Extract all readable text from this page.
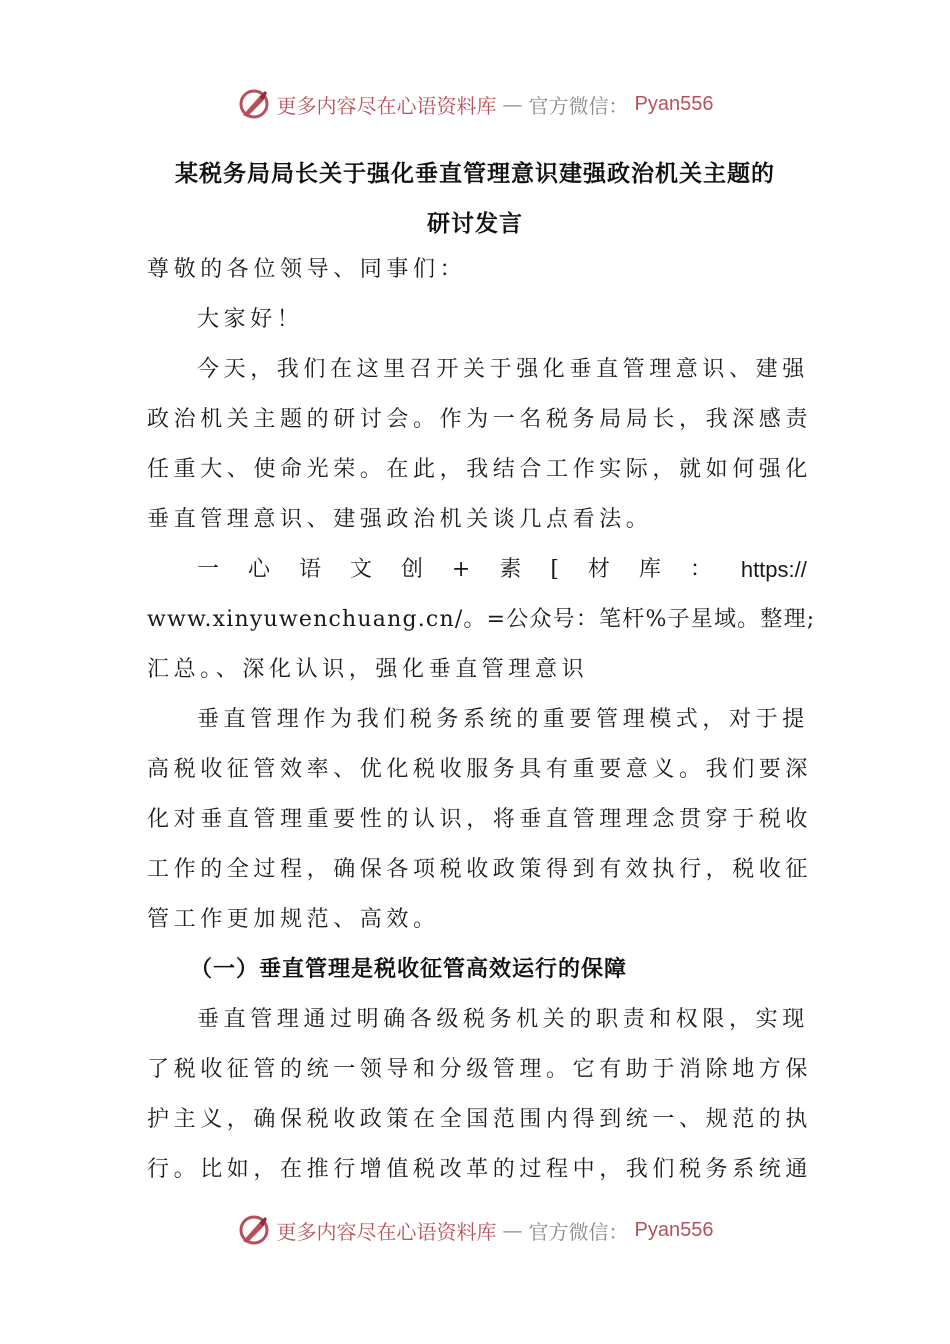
更多内容尽在心语资料库 — 官方微信： Pyan556
某税务局局长关于强化垂直管理意识建强政治机关主题的
研讨发言
尊敬的各位领导、同事们：
大家好！
今天，我们在这里召开关于强化垂直管理意识、建强
政治机关主题的研讨会。作为一名税务局局长，我深感责
任重大、使命光荣。在此，我结合工作实际，就如何强化
垂直管理意识、建强政治机关谈几点看法。
一 心 语 文 创 + 素 [ 材 库 ： https://
www.xinyuwenchuang.cn/。=公众号：笔杆%子星域。整理;
汇总。、深化认识，强化垂直管理意识
垂直管理作为我们税务系统的重要管理模式，对于提
高税收征管效率、优化税收服务具有重要意义。我们要深
化对垂直管理重要性的认识，将垂直管理理念贯穿于税收
工作的全过程，确保各项税收政策得到有效执行，税收征
管工作更加规范、高效。
（一）垂直管理是税收征管高效运行的保障
垂直管理通过明确各级税务机关的职责和权限，实现
了税收征管的统一领导和分级管理。它有助于消除地方保
护主义，确保税收政策在全国范围内得到统一、规范的执
行。比如，在推行增值税改革的过程中，我们税务系统通
更多内容尽在心语资料库 — 官方微信： Pyan556
